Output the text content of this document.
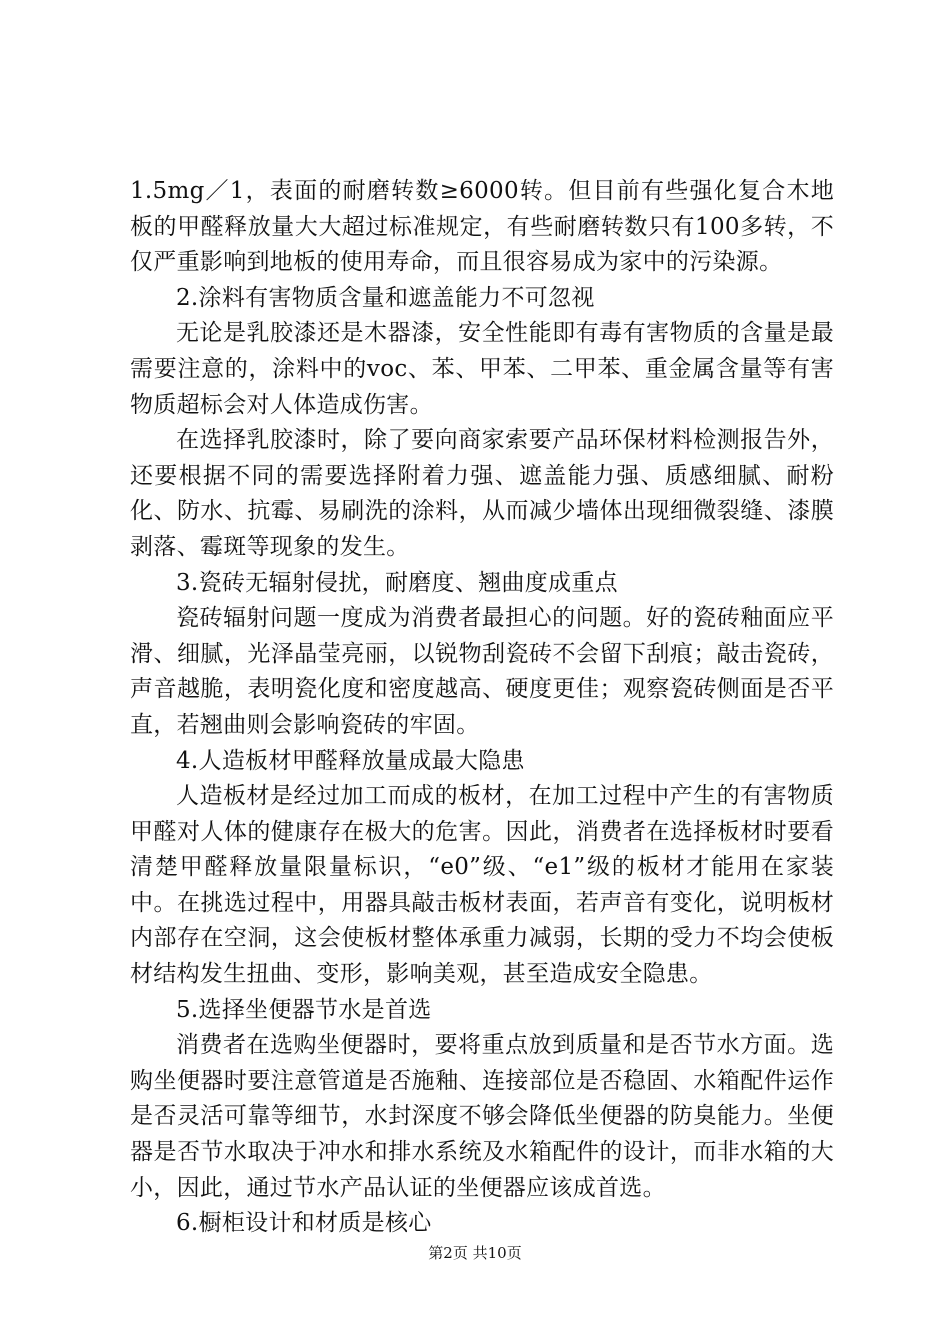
1.5mg／1，表面的耐磨转数≥6000转。但目前有些强化复合木地板的甲醛释放量大大超过标准规定，有些耐磨转数只有100多转，不仅严重影响到地板的使用寿命，而且很容易成为家中的污染源。

2.涂料有害物质含量和遮盖能力不可忽视

无论是乳胶漆还是木器漆，安全性能即有毒有害物质的含量是最需要注意的，涂料中的voc、苯、甲苯、二甲苯、重金属含量等有害物质超标会对人体造成伤害。

在选择乳胶漆时，除了要向商家索要产品环保材料检测报告外，还要根据不同的需要选择附着力强、遮盖能力强、质感细腻、耐粉化、防水、抗霉、易刷洗的涂料，从而减少墙体出现细微裂缝、漆膜剥落、霉斑等现象的发生。

3.瓷砖无辐射侵扰，耐磨度、翘曲度成重点

瓷砖辐射问题一度成为消费者最担心的问题。好的瓷砖釉面应平滑、细腻，光泽晶莹亮丽，以锐物刮瓷砖不会留下刮痕；敲击瓷砖，声音越脆，表明瓷化度和密度越高、硬度更佳；观察瓷砖侧面是否平直，若翘曲则会影响瓷砖的牢固。

4.人造板材甲醛释放量成最大隐患

人造板材是经过加工而成的板材，在加工过程中产生的有害物质甲醛对人体的健康存在极大的危害。因此，消费者在选择板材时要看清楚甲醛释放量限量标识，“e0”级、“e1”级的板材才能用在家装中。在挑选过程中，用器具敲击板材表面，若声音有变化，说明板材内部存在空洞，这会使板材整体承重力减弱，长期的受力不均会使板材结构发生扭曲、变形，影响美观，甚至造成安全隐患。

5.选择坐便器节水是首选

消费者在选购坐便器时，要将重点放到质量和是否节水方面。选购坐便器时要注意管道是否施釉、连接部位是否稳固、水箱配件运作是否灵活可靠等细节，水封深度不够会降低坐便器的防臭能力。坐便器是否节水取决于冲水和排水系统及水箱配件的设计，而非水箱的大小，因此，通过节水产品认证的坐便器应该成首选。

6.橱柜设计和材质是核心

第2页 共10页
